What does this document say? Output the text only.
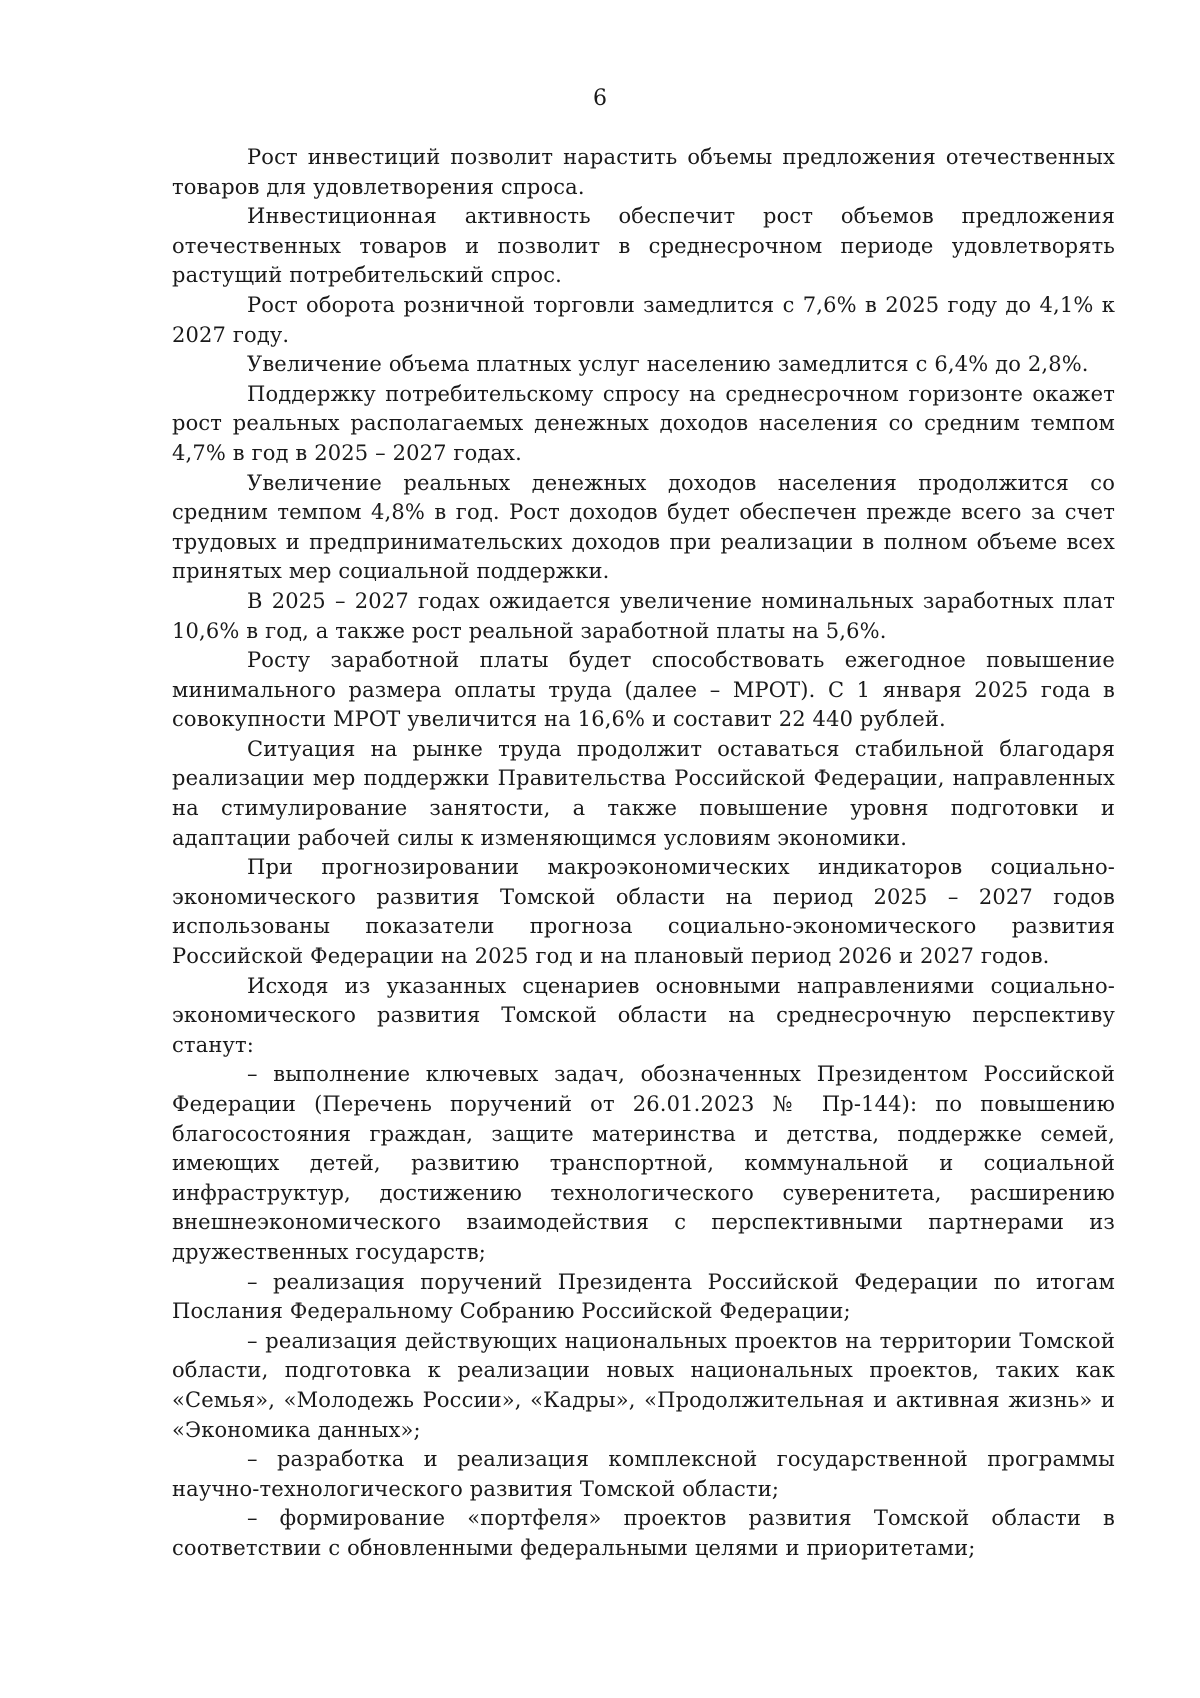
6

Рост инвестиций позволит нарастить объемы предложения отечественных товаров для удовлетворения спроса.

Инвестиционная активность обеспечит рост объемов предложения отечественных товаров и позволит в среднесрочном периоде удовлетворять растущий потребительский спрос.

Рост оборота розничной торговли замедлится с 7,6% в 2025 году до 4,1% к 2027 году.

Увеличение объема платных услуг населению замедлится с 6,4% до 2,8%.

Поддержку потребительскому спросу на среднесрочном горизонте окажет рост реальных располагаемых денежных доходов населения со средним темпом 4,7% в год в 2025 – 2027 годах.

Увеличение реальных денежных доходов населения продолжится со средним темпом 4,8% в год. Рост доходов будет обеспечен прежде всего за счет трудовых и предпринимательских доходов при реализации в полном объеме всех принятых мер социальной поддержки.

В 2025 – 2027 годах ожидается увеличение номинальных заработных плат 10,6% в год, а также рост реальной заработной платы на 5,6%.

Росту заработной платы будет способствовать ежегодное повышение минимального размера оплаты труда (далее – МРОТ). С 1 января 2025 года в совокупности МРОТ увеличится на 16,6% и составит 22 440 рублей.

Ситуация на рынке труда продолжит оставаться стабильной благодаря реализации мер поддержки Правительства Российской Федерации, направленных на стимулирование занятости, а также повышение уровня подготовки и адаптации рабочей силы к изменяющимся условиям экономики.

При прогнозировании макроэкономических индикаторов социально-экономического развития Томской области на период 2025 – 2027 годов использованы показатели прогноза социально-экономического развития Российской Федерации на 2025 год и на плановый период 2026 и 2027 годов.

Исходя из указанных сценариев основными направлениями социально-экономического развития Томской области на среднесрочную перспективу станут:

– выполнение ключевых задач, обозначенных Президентом Российской Федерации (Перечень поручений от 26.01.2023 № Пр-144): по повышению благосостояния граждан, защите материнства и детства, поддержке семей, имеющих детей, развитию транспортной, коммунальной и социальной инфраструктур, достижению технологического суверенитета, расширению внешнеэкономического взаимодействия с перспективными партнерами из дружественных государств;

– реализация поручений Президента Российской Федерации по итогам Послания Федеральному Собранию Российской Федерации;

– реализация действующих национальных проектов на территории Томской области, подготовка к реализации новых национальных проектов, таких как «Семья», «Молодежь России», «Кадры», «Продолжительная и активная жизнь» и «Экономика данных»;

– разработка и реализация комплексной государственной программы научно-технологического развития Томской области;

– формирование «портфеля» проектов развития Томской области в соответствии с обновленными федеральными целями и приоритетами;
